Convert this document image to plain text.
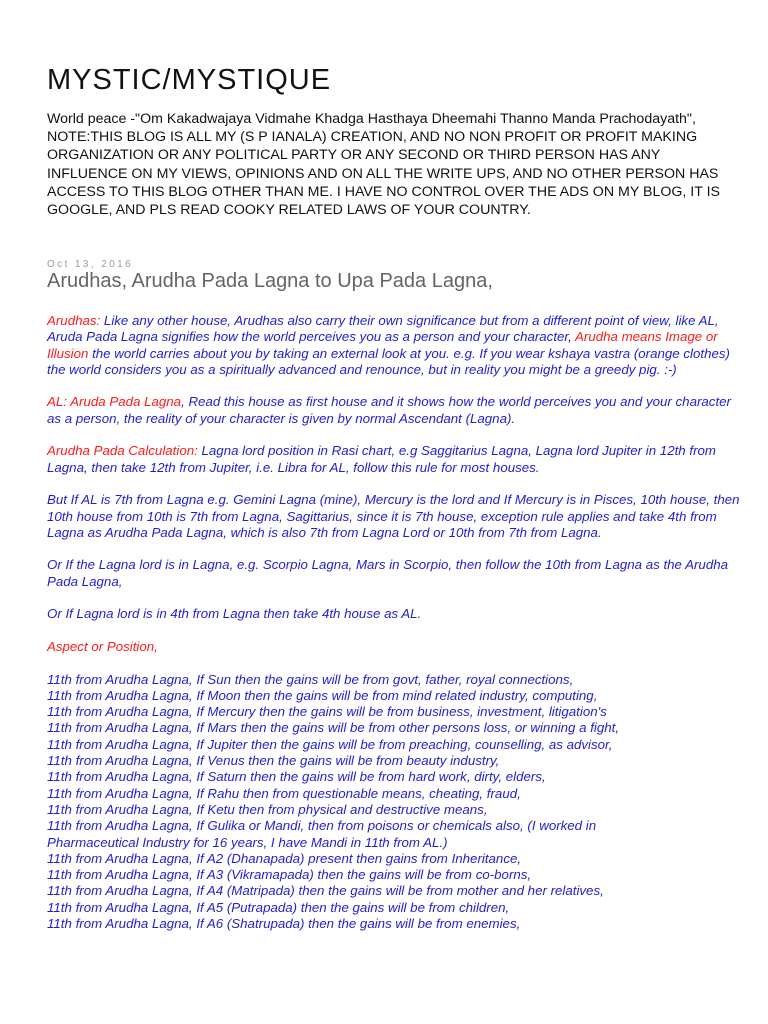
MYSTIC/MYSTIQUE

World peace -"Om Kakadwajaya Vidmahe Khadga Hasthaya Dheemahi Thanno Manda Prachodayath", NOTE:THIS BLOG IS ALL MY (S P IANALA) CREATION, AND NO NON PROFIT OR PROFIT MAKING ORGANIZATION OR ANY POLITICAL PARTY OR ANY SECOND OR THIRD PERSON HAS ANY INFLUENCE ON MY VIEWS, OPINIONS AND ON ALL THE WRITE UPS, AND NO OTHER PERSON HAS ACCESS TO THIS BLOG OTHER THAN ME. I HAVE NO CONTROL OVER THE ADS ON MY BLOG, IT IS GOOGLE, AND PLS READ COOKY RELATED LAWS OF YOUR COUNTRY.

Oct 13, 2016
Arudhas, Arudha Pada Lagna to Upa Pada Lagna,

Arudhas: Like any other house, Arudhas also carry their own significance but from a different point of view, like AL, Aruda Pada Lagna signifies how the world perceives you as a person and your character, Arudha means Image or Illusion the world carries about you by taking an external look at you. e.g. If you wear kshaya vastra (orange clothes) the world considers you as a spiritually advanced and renounce, but in reality you might be a greedy pig. :-)

AL: Aruda Pada Lagna, Read this house as first house and it shows how the world perceives you and your character as a person, the reality of your character is given by normal Ascendant (Lagna).

Arudha Pada Calculation: Lagna lord position in Rasi chart, e.g Saggitarius Lagna, Lagna lord Jupiter in 12th from Lagna, then take 12th from Jupiter, i.e. Libra for AL, follow this rule for most houses.

But If AL is 7th from Lagna e.g. Gemini Lagna (mine), Mercury is the lord and If Mercury is in Pisces, 10th house, then 10th house from 10th is 7th from Lagna, Sagittarius, since it is 7th house, exception rule applies and take 4th from Lagna as Arudha Pada Lagna, which is also 7th from Lagna Lord or 10th from 7th from Lagna.

Or If the Lagna lord is in Lagna, e.g. Scorpio Lagna, Mars in Scorpio, then follow the 10th from Lagna as the Arudha Pada Lagna,

Or If Lagna lord is in 4th from Lagna then take 4th house as AL.

Aspect or Position,

11th from Arudha Lagna, If Sun then the gains will be from govt, father, royal connections,
11th from Arudha Lagna, If Moon then the gains will be from mind related industry, computing,
11th from Arudha Lagna, If Mercury then the gains will be from business, investment, litigation's
11th from Arudha Lagna, If Mars then the gains will be from other persons loss, or winning a fight,
11th from Arudha Lagna, If Jupiter then the gains will be from preaching, counselling, as advisor,
11th from Arudha Lagna, If Venus then the gains will be from beauty industry,
11th from Arudha Lagna, If Saturn then the gains will be from hard work, dirty, elders,
11th from Arudha Lagna, If Rahu then from questionable means, cheating, fraud,
11th from Arudha Lagna, If Ketu then from physical and destructive means,
11th from Arudha Lagna, If Gulika or Mandi, then from poisons or chemicals also, (I worked in
Pharmaceutical Industry for 16 years, I have Mandi in 11th from AL.)
11th from Arudha Lagna, If A2 (Dhanapada) present then gains from Inheritance,
11th from Arudha Lagna, If A3 (Vikramapada) then the gains will be from co-borns,
11th from Arudha Lagna, If A4 (Matripada) then the gains will be from mother and her relatives,
11th from Arudha Lagna, If A5 (Putrapada) then the gains will be from children,
11th from Arudha Lagna, If A6 (Shatrupada) then the gains will be from enemies,
